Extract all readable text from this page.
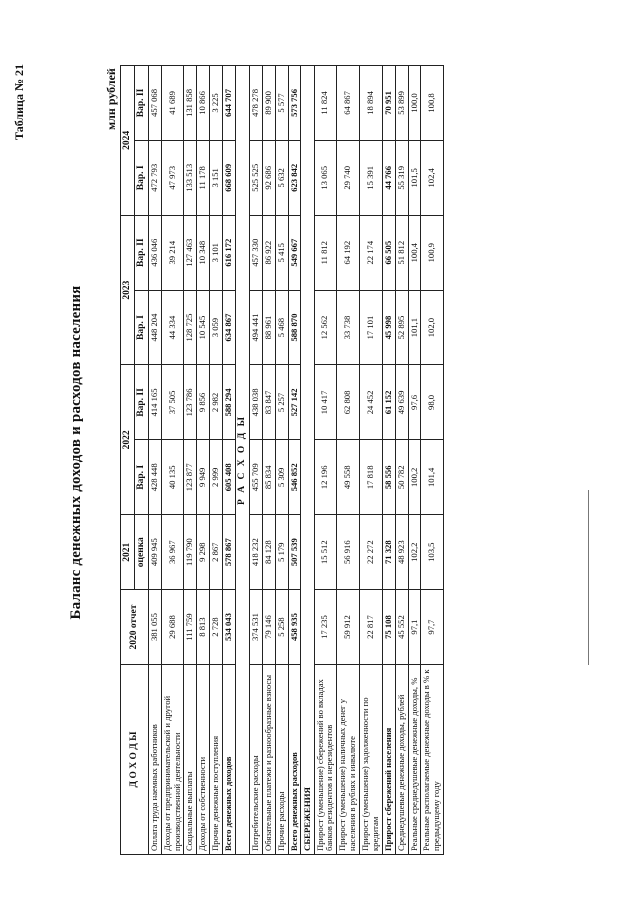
Таблица № 21
Баланс денежных доходов и расходов населения
млн рублей
Д О Х О Д Ы	2020 отчет	2021	2022		2023		2024	
		оценка	Вар. I	Вар. II	Вар. I	Вар. II	Вар. I	Вар. II
Оплата труда наемных работников	381 055	409 945	428 448	414 165	448 204	436 046	472 793	457 068
Доходы от предпринимательской и другой производственной деятельности	29 688	36 967	40 135	37 505	44 334	39 214	47 973	41 689
Социальные выплаты	111 759	119 790	123 877	123 786	128 725	127 463	133 513	131 858
Доходы от собственности	8 813	9 298	9 949	9 856	10 545	10 348	11 178	10 866
Прочие денежные поступления	2 728	2 867	2 999	2 982	3 059	3 101	3 151	3 225
Всего денежных доходов	534 043	578 867	605 408	588 294	634 867	616 172	668 609	644 707
Р А С Х О Д Ы								
Потребительские расходы	374 531	418 232	455 709	438 038	494 441	457 330	525 525	478 278
Обязательные платежи и разнообразные взносы	79 146	84 128	85 834	83 847	88 961	86 922	92 686	89 900
Прочие расходы	5 258	5 179	5 309	5 257	5 468	5 415	5 632	5 577
Всего денежных расходов	458 935	507 539	546 852	527 142	588 870	549 667	623 842	573 756
СБЕРЕЖЕНИЯ								
Прирост (уменьшение) сбережений во вкладах банков резидентов и нерезидентов	17 235	15 512	12 196	10 417	12 562	11 812	13 065	11 824
Прирост (уменьшение) наличных денег у населения в рублях и инвалюте	59 912	56 916	49 558	62 808	33 738	64 192	29 740	64 867
Прирост (уменьшение) задолженности по кредитам	22 817	22 272	17 818	24 452	17 101	22 174	15 391	18 894
Прирост сбережений населения	75 108	71 328	58 556	61 152	45 998	66 505	44 766	70 951
Среднедушевые денежные доходы, рублей	45 552	48 923	50 782	49 639	52 895	51 812	55 319	53 899
Реальные среднедушевые денежные доходы, %	97,1	102,2	100,2	97,6	101,1	100,4	101,5	100,0
Реальные располагаемые денежные доходы в % к предыдущему году	97,7	103,5	101,4	98,0	102,0	100,9	102,4	100,8
